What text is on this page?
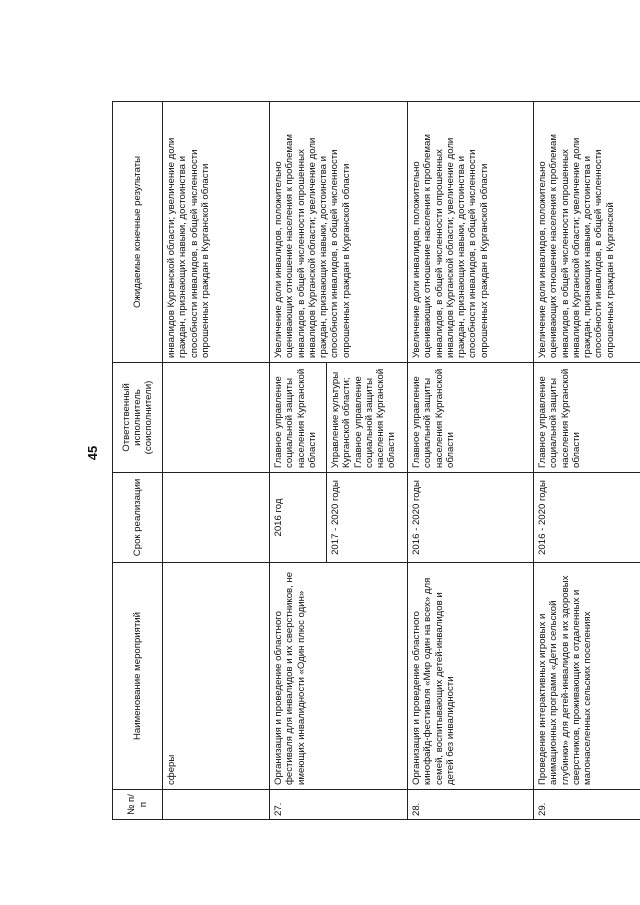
45
№ п/п	Наименование мероприятий	Срок реализации	Ответственный исполнитель (соисполнители)	Ожидаемые конечные результаты
	сферы			инвалидов Курганской области; увеличение доли граждан, признающих навыки, достоинства и способности инвалидов, в общей численности опрошенных граждан в Курганской области
27.	Организация и проведение областного фестиваля для инвалидов и их сверстников, не имеющих инвалидности «Один плюс один»	2016 год	Главное управление социальной защиты населения Курганской области	Увеличение доли инвалидов, положительно оценивающих отношение населения к проблемам инвалидов, в общей численности опрошенных инвалидов Курганской области; увеличение доли граждан, признающих навыки, достоинства и способности инвалидов, в общей численности опрошенных граждан в Курганской области
		2017 - 2020 годы	Управление культуры Курганской области; Главное управление социальной защиты населения Курганской области	
28.	Организация и проведение областного кинофайд-фестиваля «Мир один на всех» для семей, воспитывающих детей-инвалидов и детей без инвалидности	2016 - 2020 годы	Главное управление социальной защиты населения Курганской области	Увеличение доли инвалидов, положительно оценивающих отношение населения к проблемам инвалидов, в общей численности опрошенных инвалидов Курганской области; увеличение доли граждан, признающих навыки, достоинства и способности инвалидов, в общей численности опрошенных граждан в Курганской области
29.	Проведение интерактивных игровых и анимационных программ «Дети сельской глубинки» для детей-инвалидов и их здоровых сверстников, проживающих в отдаленных и малонаселенных сельских поселениях	2016 - 2020 годы	Главное управление социальной защиты населения Курганской области	Увеличение доли инвалидов, положительно оценивающих отношение населения к проблемам инвалидов, в общей численности опрошенных инвалидов Курганской области; увеличение доли граждан, признающих навыки, достоинства и способности инвалидов, в общей численности опрошенных граждан в Курганской
